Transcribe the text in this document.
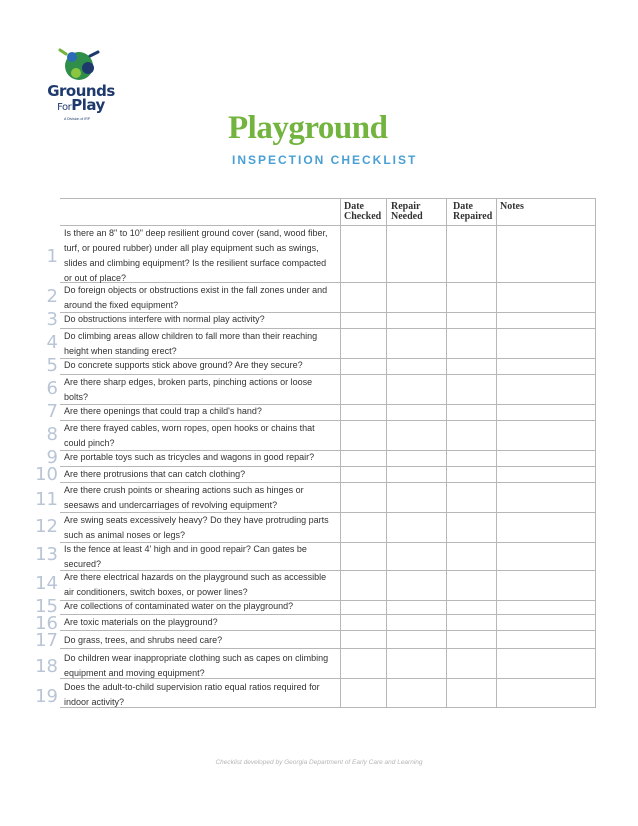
Grounds
ForPlay
A Division of IRP	Playground
INSPECTION CHECKLIST
Date Checked
Repair Needed
Date Repaired
Notes
1
2
3
4
5
6
7
8
9
10
11
12
13
14
15
16
17
18
19
Is there an 8" to 10" deep resilient ground cover (sand, wood fiber, turf, or poured rubber) under all play equipment such as swings, slides and climbing equipment? Is the resilient surface compacted or out of place?
Do foreign objects or obstructions exist in the fall zones under and around the fixed equipment?
Do obstructions interfere with normal play activity?
Do climbing areas allow children to fall more than their reaching height when standing erect?
Do concrete supports stick above ground? Are they secure?
Are there sharp edges, broken parts, pinching actions or loose bolts?
Are there openings that could trap a child's hand?
Are there frayed cables, worn ropes, open hooks or chains that could pinch?
Are portable toys such as tricycles and wagons in good repair?
Are there protrusions that can catch clothing?
Are there crush points or shearing actions such as hinges or seesaws and undercarriages of revolving equipment?
Are swing seats excessively heavy? Do they have protruding parts such as animal noses or legs?
Is the fence at least 4' high and in good repair? Can gates be secured?
Are there electrical hazards on the playground such as accessible air conditioners, switch boxes, or power lines?
Are collections of contaminated water on the playground?
Are toxic materials on the playground?
Do grass, trees, and shrubs need care?
Do children wear inappropriate clothing such as capes on climbing equipment and moving equipment?
Does the adult-to-child supervision ratio equal ratios required for indoor activity?
Checklist developed by Georgia Department of Early Care and Learning
